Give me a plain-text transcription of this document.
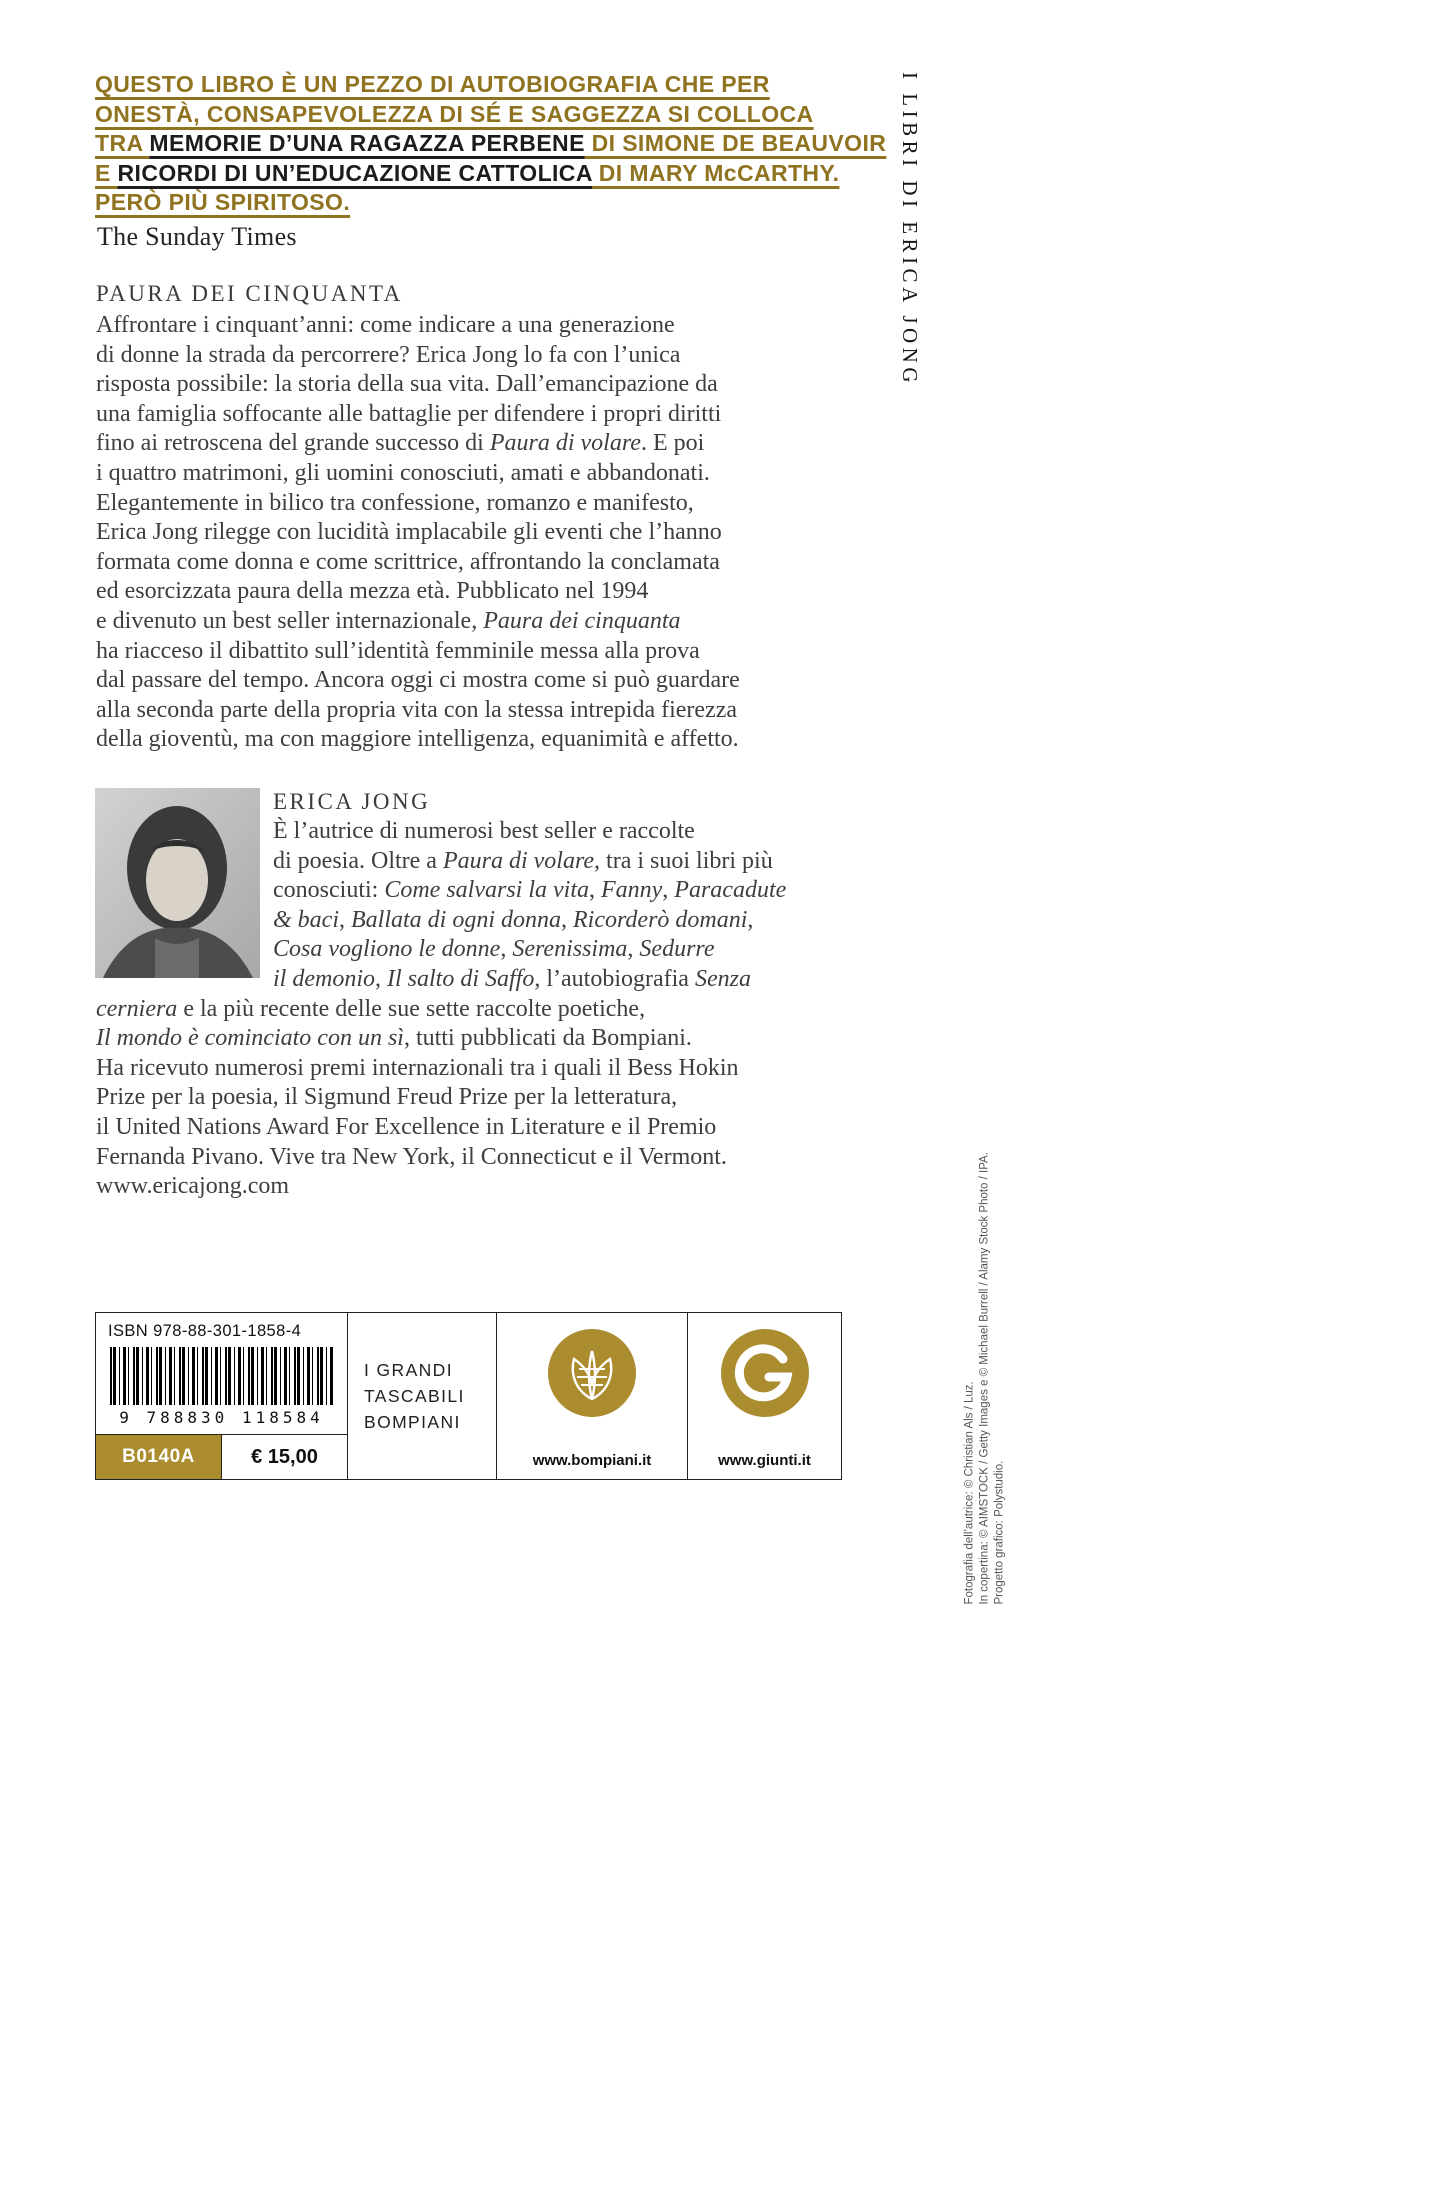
QUESTO LIBRO È UN PEZZO DI AUTOBIOGRAFIA CHE PER
ONESTÀ, CONSAPEVOLEZZA DI SÉ E SAGGEZZA SI COLLOCA
TRA MEMORIE D’UNA RAGAZZA PERBENE DI SIMONE DE BEAUVOIR
E RICORDI DI UN’EDUCAZIONE CATTOLICA DI MARY McCARTHY.
PERÒ PIÙ SPIRITOSO.
The Sunday Times	I LIBRI DI ERICA JONG
PAURA DEI CINQUANTA
Affrontare i cinquant’anni: come indicare a una generazione
di donne la strada da percorrere? Erica Jong lo fa con l’unica
risposta possibile: la storia della sua vita. Dall’emancipazione da
una famiglia soffocante alle battaglie per difendere i propri diritti
fino ai retroscena del grande successo di Paura di volare. E poi
i quattro matrimoni, gli uomini conosciuti, amati e abbandonati.
Elegantemente in bilico tra confessione, romanzo e manifesto,
Erica Jong rilegge con lucidità implacabile gli eventi che l’hanno
formata come donna e come scrittrice, affrontando la conclamata
ed esorcizzata paura della mezza età. Pubblicato nel 1994
e divenuto un best seller internazionale, Paura dei cinquanta
ha riacceso il dibattito sull’identità femminile messa alla prova
dal passare del tempo. Ancora oggi ci mostra come si può guardare
alla seconda parte della propria vita con la stessa intrepida fierezza
della gioventù, ma con maggiore intelligenza, equanimità e affetto.
ERICA JONG
È l’autrice di numerosi best seller e raccolte
di poesia. Oltre a Paura di volare, tra i suoi libri più
conosciuti: Come salvarsi la vita, Fanny, Paracadute
& baci, Ballata di ogni donna, Ricorderò domani,
Cosa vogliono le donne, Serenissima, Sedurre
il demonio, Il salto di Saffo, l’autobiografia Senza
cerniera e la più recente delle sue sette raccolte poetiche,
Il mondo è cominciato con un sì, tutti pubblicati da Bompiani.
Ha ricevuto numerosi premi internazionali tra i quali il Bess Hokin
Prize per la poesia, il Sigmund Freud Prize per la letteratura,
il United Nations Award For Excellence in Literature e il Premio
Fernanda Pivano. Vive tra New York, il Connecticut e il Vermont.
www.ericajong.com
ISBN 978-88-301-1858-4
9 788830 118584
B0140A	€ 15,00
I GRANDI
TASCABILI
BOMPIANI
www.bompiani.it	www.giunti.it	Fotografia dell’autrice: © Christian Als / Luz. In copertina: © AIMSTOCK / Getty Images e © Michael Burrell / Alamy Stock Photo / IPA. Progetto grafico: Polystudio.
